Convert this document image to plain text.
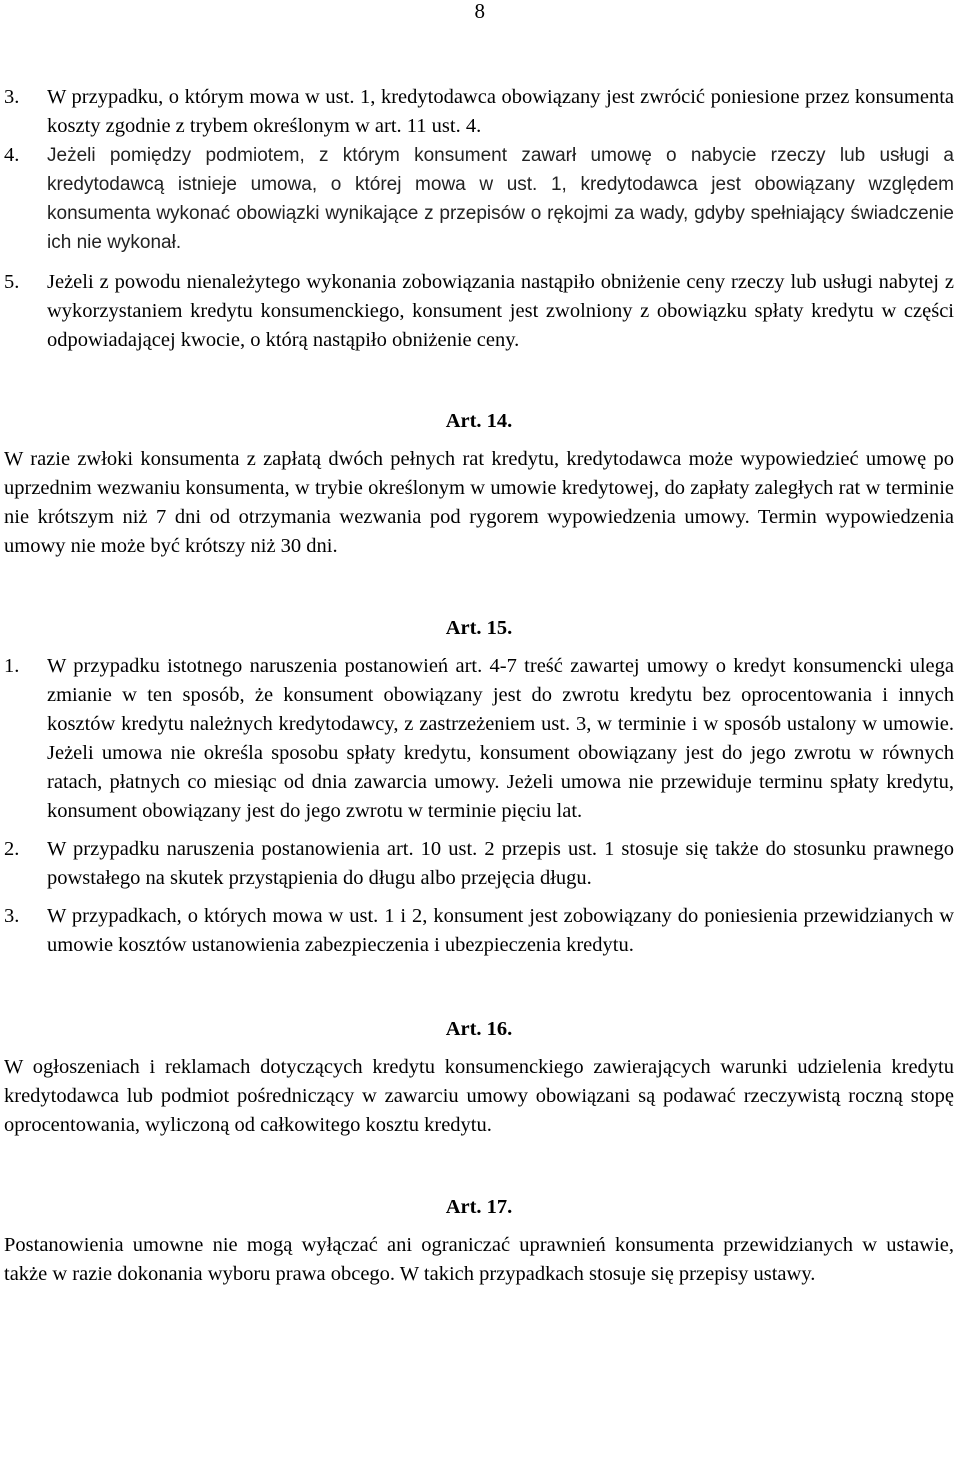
8
3.	W przypadku, o którym mowa w ust. 1, kredytodawca obowiązany jest zwrócić poniesione przez konsumenta koszty zgodnie z trybem określonym w art. 11 ust. 4.
4.	Jeżeli pomiędzy podmiotem, z którym konsument zawarł umowę o nabycie rzeczy lub usługi a kredytodawcą istnieje umowa, o której mowa w ust. 1, kredytodawca jest obowiązany względem konsumenta wykonać obowiązki wynikające z przepisów o rękojmi za wady, gdyby spełniający świadczenie ich nie wykonał.
5.	Jeżeli z powodu nienależytego wykonania zobowiązania nastąpiło obniżenie ceny rzeczy lub usługi nabytej z wykorzystaniem kredytu konsumenckiego, konsument jest zwolniony z obowiązku spłaty kredytu w części odpowiadającej kwocie, o którą nastąpiło obniżenie ceny.
Art. 14.
W razie zwłoki konsumenta z zapłatą dwóch pełnych rat kredytu, kredytodawca może wypowiedzieć umowę po uprzednim wezwaniu konsumenta, w trybie określonym w umowie kredytowej, do zapłaty zaległych rat w terminie nie krótszym niż 7 dni od otrzymania wezwania pod rygorem wypowiedzenia umowy. Termin wypowiedzenia umowy nie może być krótszy niż 30 dni.
Art. 15.
1.	W przypadku istotnego naruszenia postanowień art. 4-7 treść zawartej umowy o kredyt konsumencki ulega zmianie w ten sposób, że konsument obowiązany jest do zwrotu kredytu bez oprocentowania i innych kosztów kredytu należnych kredytodawcy, z zastrzeżeniem ust. 3, w terminie i w sposób ustalony w umowie. Jeżeli umowa nie określa sposobu spłaty kredytu, konsument obowiązany jest do jego zwrotu w równych ratach, płatnych co miesiąc od dnia zawarcia umowy. Jeżeli umowa nie przewiduje terminu spłaty kredytu, konsument obowiązany jest do jego zwrotu w terminie pięciu lat.
2.	W przypadku naruszenia postanowienia art. 10 ust. 2 przepis ust. 1 stosuje się także do stosunku prawnego powstałego na skutek przystąpienia do długu albo przejęcia długu.
3.	W przypadkach, o których mowa w ust. 1 i 2, konsument jest zobowiązany do poniesienia przewidzianych w umowie kosztów ustanowienia zabezpieczenia i ubezpieczenia kredytu.
Art. 16.
W ogłoszeniach i reklamach dotyczących kredytu konsumenckiego zawierających warunki udzielenia kredytu kredytodawca lub podmiot pośredniczący w zawarciu umowy obowiązani są podawać rzeczywistą roczną stopę oprocentowania, wyliczoną od całkowitego kosztu kredytu.
Art. 17.
Postanowienia umowne nie mogą wyłączać ani ograniczać uprawnień konsumenta przewidzianych w ustawie, także w razie dokonania wyboru prawa obcego. W takich przypadkach stosuje się przepisy ustawy.
